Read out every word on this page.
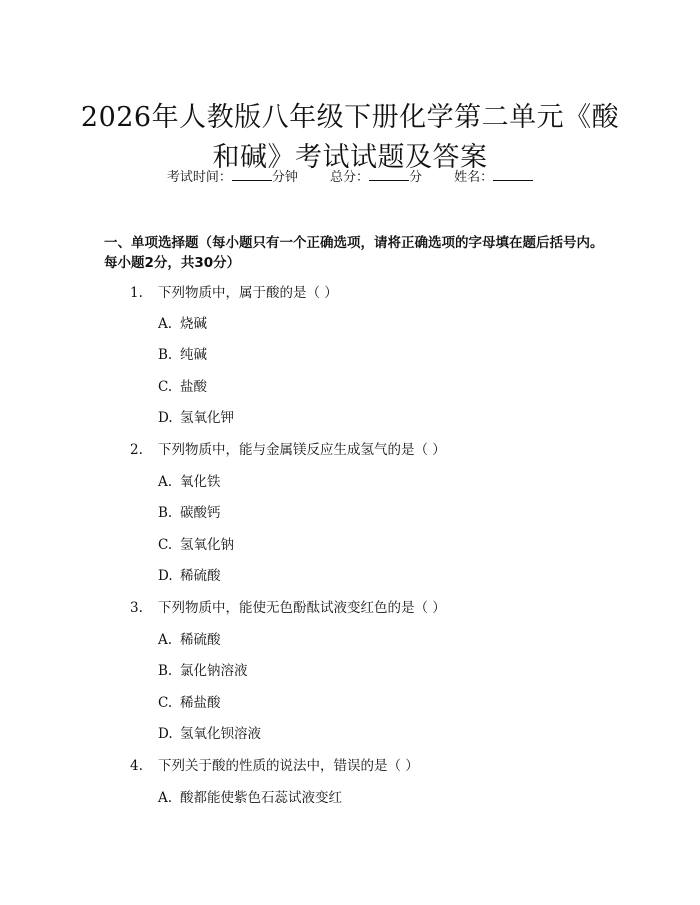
2026年人教版八年级下册化学第二单元《酸
和碱》考试试题及答案
考试时间：	分钟 总分：	分 姓名：
一、单项选择题（每小题只有一个正确选项，请将正确选项的字母填在题后括号内。每小题2分，共30分）
1. 下列物质中，属于酸的是（ ）
A. 烧碱
B. 纯碱
C. 盐酸
D. 氢氧化钾
2. 下列物质中，能与金属镁反应生成氢气的是（ ）
A. 氧化铁
B. 碳酸钙
C. 氢氧化钠
D. 稀硫酸
3. 下列物质中，能使无色酚酞试液变红色的是（ ）
A. 稀硫酸
B. 氯化钠溶液
C. 稀盐酸
D. 氢氧化钡溶液
4. 下列关于酸的性质的说法中，错误的是（ ）
A. 酸都能使紫色石蕊试液变红
